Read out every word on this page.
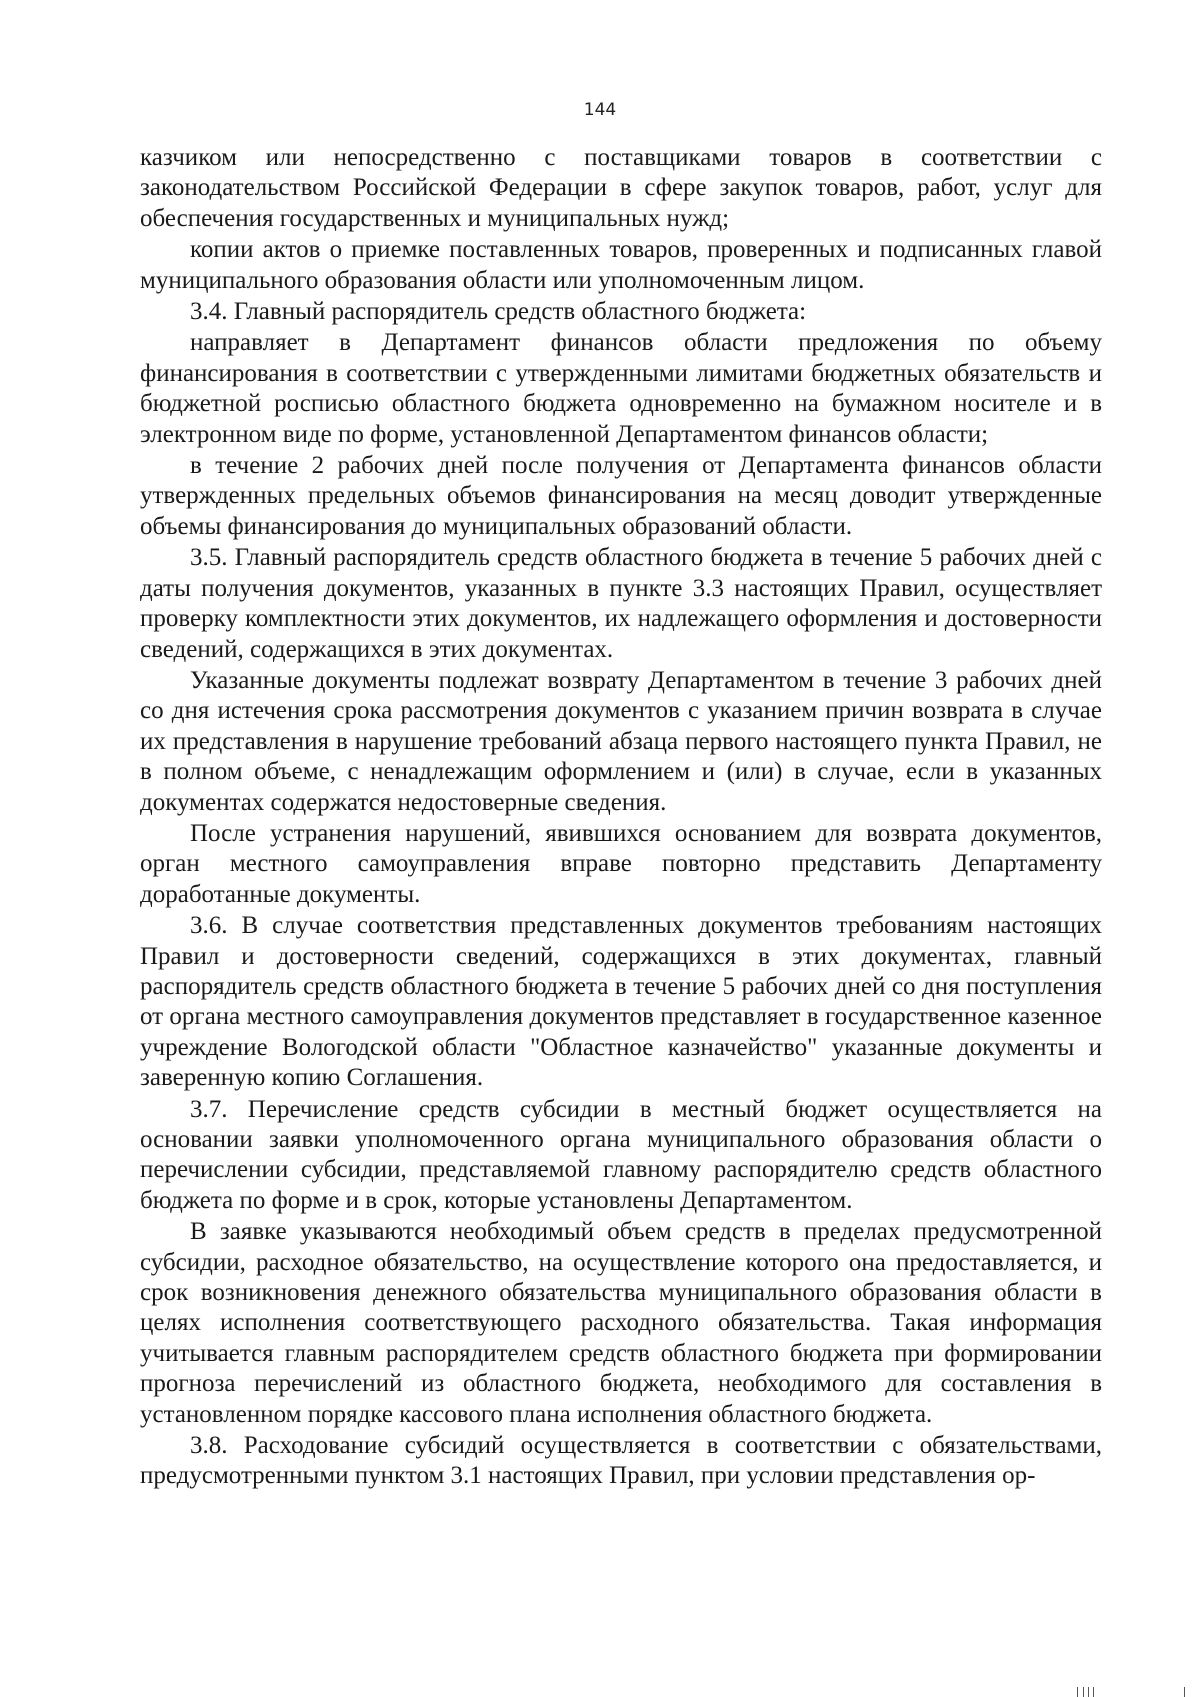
144

казчиком или непосредственно с поставщиками товаров в соответствии с законодательством Российской Федерации в сфере закупок товаров, работ, услуг для обеспечения государственных и муниципальных нужд;

копии актов о приемке поставленных товаров, проверенных и подписанных главой муниципального образования области или уполномоченным лицом.

3.4. Главный распорядитель средств областного бюджета:

направляет в Департамент финансов области предложения по объему финансирования в соответствии с утвержденными лимитами бюджетных обязательств и бюджетной росписью областного бюджета одновременно на бумажном носителе и в электронном виде по форме, установленной Департаментом финансов области;

в течение 2 рабочих дней после получения от Департамента финансов области утвержденных предельных объемов финансирования на месяц доводит утвержденные объемы финансирования до муниципальных образований области.

3.5. Главный распорядитель средств областного бюджета в течение 5 рабочих дней с даты получения документов, указанных в пункте 3.3 настоящих Правил, осуществляет проверку комплектности этих документов, их надлежащего оформления и достоверности сведений, содержащихся в этих документах.

Указанные документы подлежат возврату Департаментом в течение 3 рабочих дней со дня истечения срока рассмотрения документов с указанием причин возврата в случае их представления в нарушение требований абзаца первого настоящего пункта Правил, не в полном объеме, с ненадлежащим оформлением и (или) в случае, если в указанных документах содержатся недостоверные сведения.

После устранения нарушений, явившихся основанием для возврата документов, орган местного самоуправления вправе повторно представить Департаменту доработанные документы.

3.6. В случае соответствия представленных документов требованиям настоящих Правил и достоверности сведений, содержащихся в этих документах, главный распорядитель средств областного бюджета в течение 5 рабочих дней со дня поступления от органа местного самоуправления документов представляет в государственное казенное учреждение Вологодской области "Областное казначейство" указанные документы и заверенную копию Соглашения.

3.7. Перечисление средств субсидии в местный бюджет осуществляется на основании заявки уполномоченного органа муниципального образования области о перечислении субсидии, представляемой главному распорядителю средств областного бюджета по форме и в срок, которые установлены Департаментом.

В заявке указываются необходимый объем средств в пределах предусмотренной субсидии, расходное обязательство, на осуществление которого она предоставляется, и срок возникновения денежного обязательства муниципального образования области в целях исполнения соответствующего расходного обязательства. Такая информация учитывается главным распорядителем средств областного бюджета при формировании прогноза перечислений из областного бюджета, необходимого для составления в установленном порядке кассового плана исполнения областного бюджета.

3.8. Расходование субсидий осуществляется в соответствии с обязательствами, предусмотренными пунктом 3.1 настоящих Правил, при условии представления ор-
